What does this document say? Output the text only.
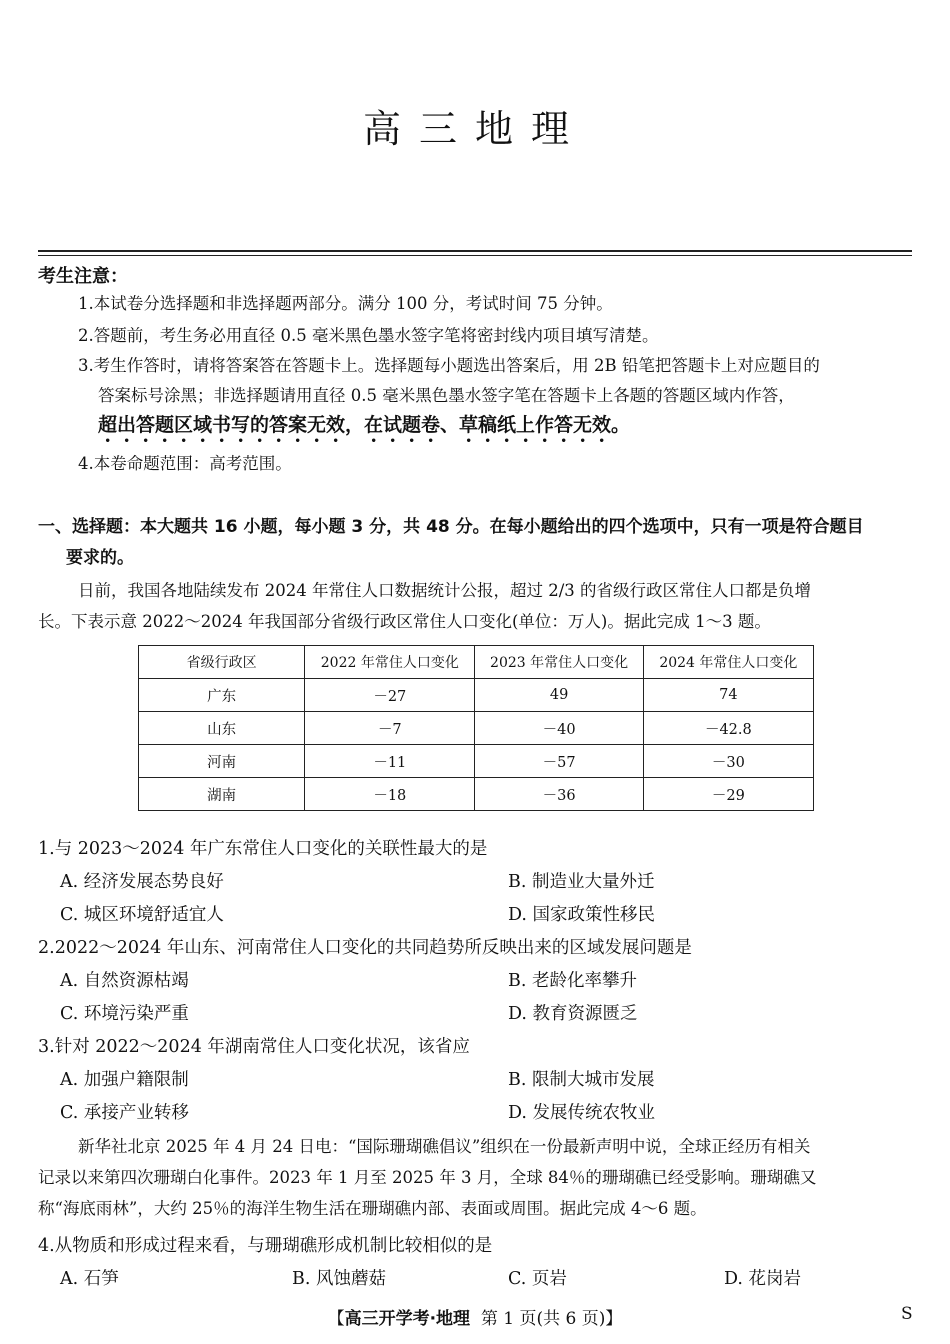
高三地理
考生注意：
1.本试卷分选择题和非选择题两部分。满分 100 分，考试时间 75 分钟。
2.答题前，考生务必用直径 0.5 毫米黑色墨水签字笔将密封线内项目填写清楚。
3.考生作答时，请将答案答在答题卡上。选择题每小题选出答案后，用 2B 铅笔把答题卡上对应题目的
答案标号涂黑；非选择题请用直径 0.5 毫米黑色墨水签字笔在答题卡上各题的答题区域内作答，
超出答题区域书写的答案无效，在试题卷、草稿纸上作答无效。
4.本卷命题范围：高考范围。
一、选择题：本大题共 16 小题，每小题 3 分，共 48 分。在每小题给出的四个选项中，只有一项是符合题目
要求的。
日前，我国各地陆续发布 2024 年常住人口数据统计公报，超过 2/3 的省级行政区常住人口都是负增
长。下表示意 2022～2024 年我国部分省级行政区常住人口变化(单位：万人)。据此完成 1～3 题。
省级行政区	2022 年常住人口变化	2023 年常住人口变化	2024 年常住人口变化
广东	－27	49	74
山东	－7	－40	－42.8
河南	－11	－57	－30
湖南	－18	－36	－29
1.与 2023～2024 年广东常住人口变化的关联性最大的是
A. 经济发展态势良好	B. 制造业大量外迁
C. 城区环境舒适宜人	D. 国家政策性移民
2.2022～2024 年山东、河南常住人口变化的共同趋势所反映出来的区域发展问题是
A. 自然资源枯竭	B. 老龄化率攀升
C. 环境污染严重	D. 教育资源匮乏
3.针对 2022～2024 年湖南常住人口变化状况，该省应
A. 加强户籍限制	B. 限制大城市发展
C. 承接产业转移	D. 发展传统农牧业
新华社北京 2025 年 4 月 24 日电：“国际珊瑚礁倡议”组织在一份最新声明中说，全球正经历有相关
记录以来第四次珊瑚白化事件。2023 年 1 月至 2025 年 3 月，全球 84％的珊瑚礁已经受影响。珊瑚礁又
称“海底雨林”，大约 25％的海洋生物生活在珊瑚礁内部、表面或周围。据此完成 4～6 题。
4.从物质和形成过程来看，与珊瑚礁形成机制比较相似的是
A. 石笋	B. 风蚀蘑菇	C. 页岩	D. 花岗岩
【高三开学考·地理 第 1 页(共 6 页)】	S
